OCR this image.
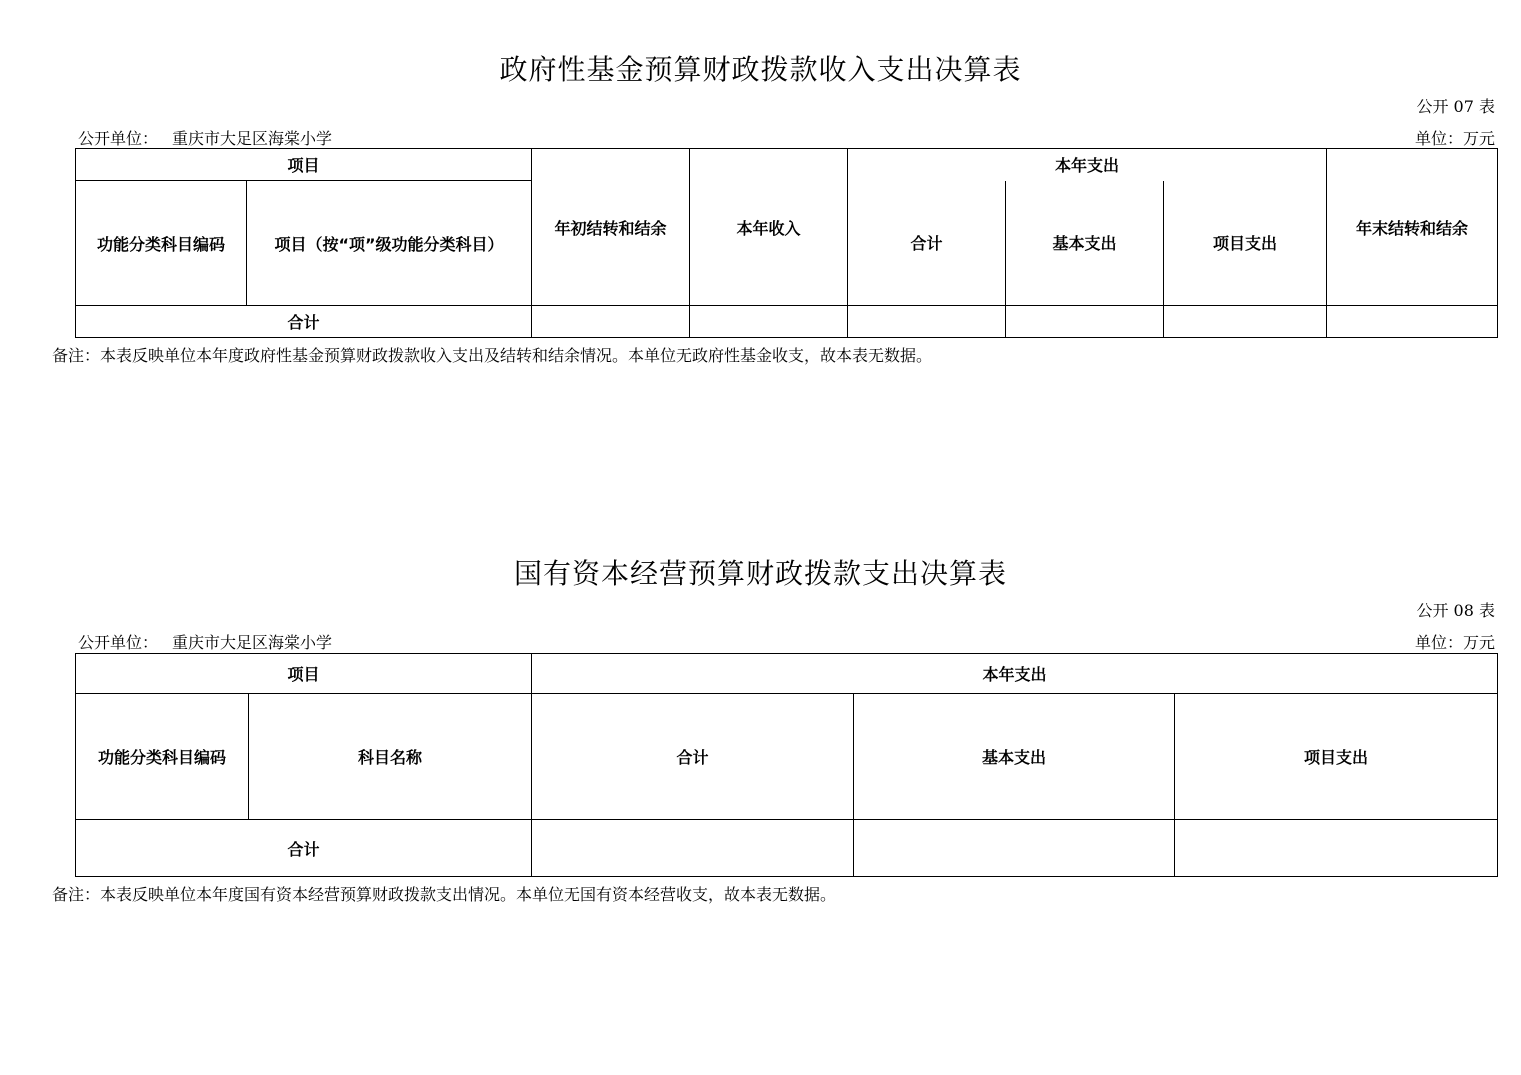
政府性基金预算财政拨款收入支出决算表
公开 07 表
公开单位： 重庆市大足区海棠小学	单位：万元
项目		年初结转和结余	本年收入	本年支出			年末结转和结余
功能分类科目编码	项目（按“项”级功能分类科目）			合计	基本支出	项目支出	
合计							
备注：本表反映单位本年度政府性基金预算财政拨款收入支出及结转和结余情况。本单位无政府性基金收支，故本表无数据。
国有资本经营预算财政拨款支出决算表
公开 08 表
公开单位： 重庆市大足区海棠小学	单位：万元
项目		本年支出		
功能分类科目编码	科目名称	合计	基本支出	项目支出
合计				
备注：本表反映单位本年度国有资本经营预算财政拨款支出情况。本单位无国有资本经营收支，故本表无数据。
